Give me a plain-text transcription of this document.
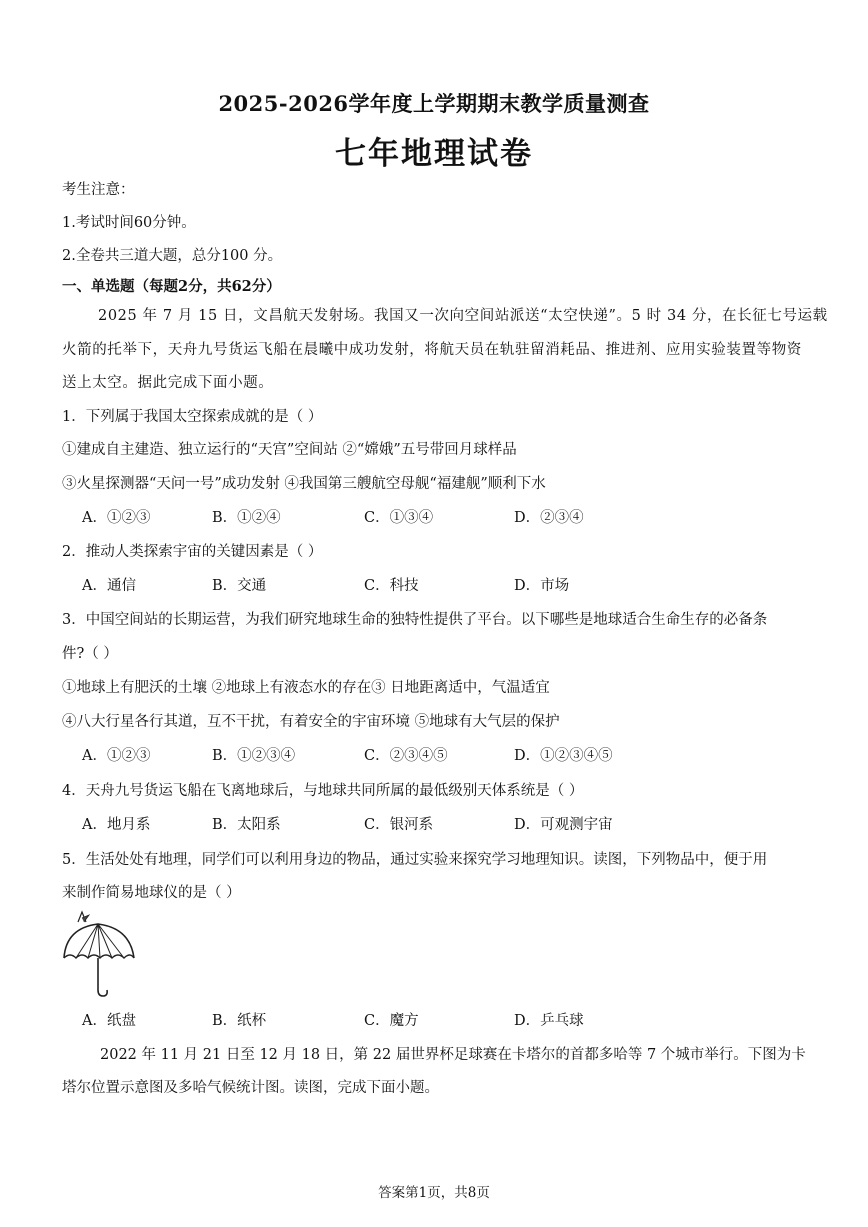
2025-2026学年度上学期期末教学质量测查
七年地理试卷
考生注意：
1.考试时间60分钟。
2.全卷共三道大题，总分100 分。
一、单选题（每题2分，共62分）
2025 年 7 月 15 日，文昌航天发射场。我国又一次向空间站派送“太空快递”。5 时 34 分，在长征七号运载
火箭的托举下，天舟九号货运飞船在晨曦中成功发射，将航天员在轨驻留消耗品、推进剂、应用实验装置等物资
送上太空。据此完成下面小题。
1．下列属于我国太空探索成就的是（ ）
①建成自主建造、独立运行的“天宫”空间站 ②“嫦娥”五号带回月球样品
③火星探测器“天问一号”成功发射 ④我国第三艘航空母舰“福建舰”顺利下水
A．①②③	B．①②④	C．①③④	D．②③④
2．推动人类探索宇宙的关键因素是（ ）
A．通信	B．交通	C．科技	D．市场
3．中国空间站的长期运营，为我们研究地球生命的独特性提供了平台。以下哪些是地球适合生命生存的必备条
件?（ ）
①地球上有肥沃的土壤 ②地球上有液态水的存在③ 日地距离适中，气温适宜
④八大行星各行其道，互不干扰，有着安全的宇宙环境 ⑤地球有大气层的保护
A．①②③	B．①②③④	C．②③④⑤	D．①②③④⑤
4．天舟九号货运飞船在飞离地球后，与地球共同所属的最低级别天体系统是（ ）
A．地月系	B．太阳系	C．银河系	D．可观测宇宙
5．生活处处有地理，同学们可以利用身边的物品，通过实验来探究学习地理知识。读图，下列物品中，便于用
来制作简易地球仪的是（ ）
A．纸盘	B．纸杯	C．魔方	D．乒乓球
2022 年 11 月 21 日至 12 月 18 日，第 22 届世界杯足球赛在卡塔尔的首都多哈等 7 个城市举行。下图为卡
塔尔位置示意图及多哈气候统计图。读图，完成下面小题。
答案第1页，共8页
